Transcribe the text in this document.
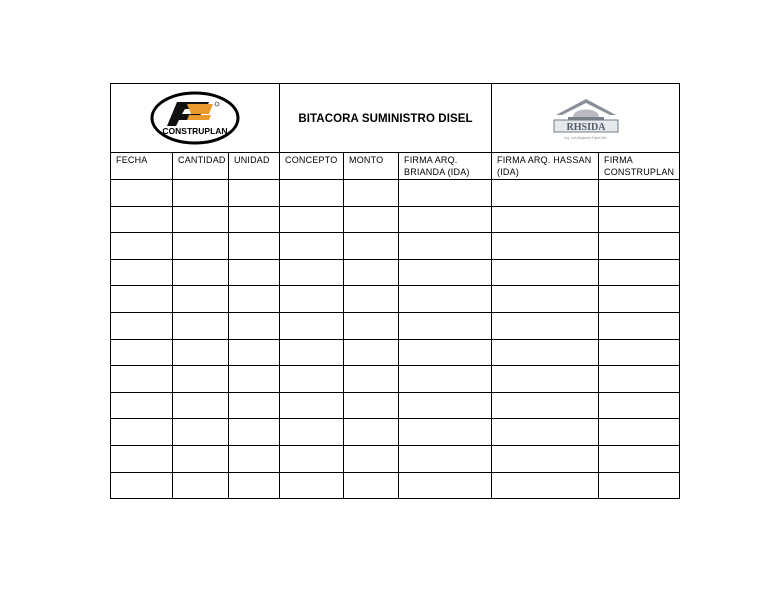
CONSTRUPLAN			BITACORA SUMINISTRO DISEL			RHSIDA
Ing. Luis Alejandro Pulido Mtz.	

FECHA	CANTIDAD	UNIDAD	CONCEPTO	MONTO	FIRMA ARQ. BRIANDA (IDA)	FIRMA ARQ. HASSAN (IDA)	FIRMA CONSTRUPLAN
